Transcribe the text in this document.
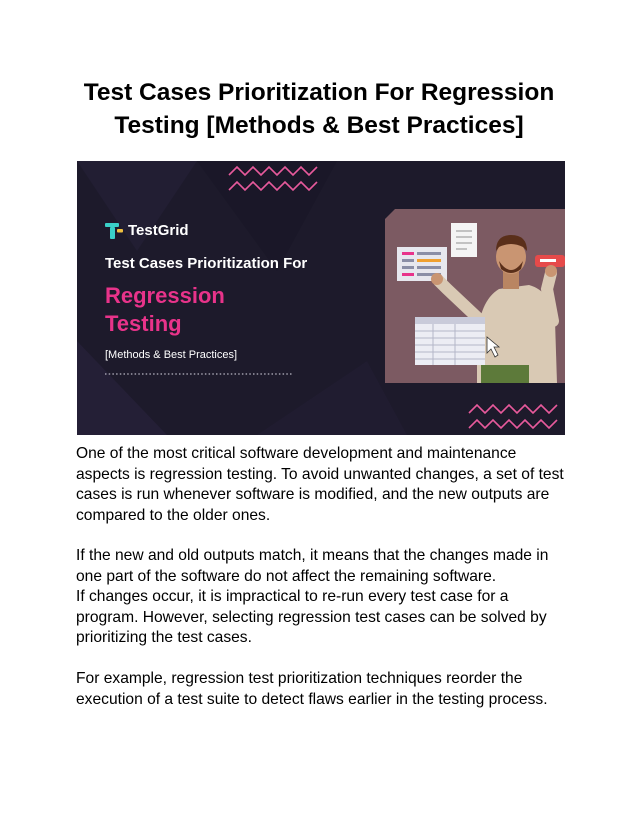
Test Cases Prioritization For Regression
Testing [Methods & Best Practices]
TestGrid
Test Cases Prioritization For
Regression
Testing
[Methods & Best Practices]

One of the most critical software development and maintenance aspects is regression testing. To avoid unwanted changes, a set of test cases is run whenever software is modified, and the new outputs are compared to the older ones.

If the new and old outputs match, it means that the changes made in one part of the software do not affect the remaining software.
If changes occur, it is impractical to re-run every test case for a program. However, selecting regression test cases can be solved by prioritizing the test cases.

For example, regression test prioritization techniques reorder the execution of a test suite to detect flaws earlier in the testing process.
